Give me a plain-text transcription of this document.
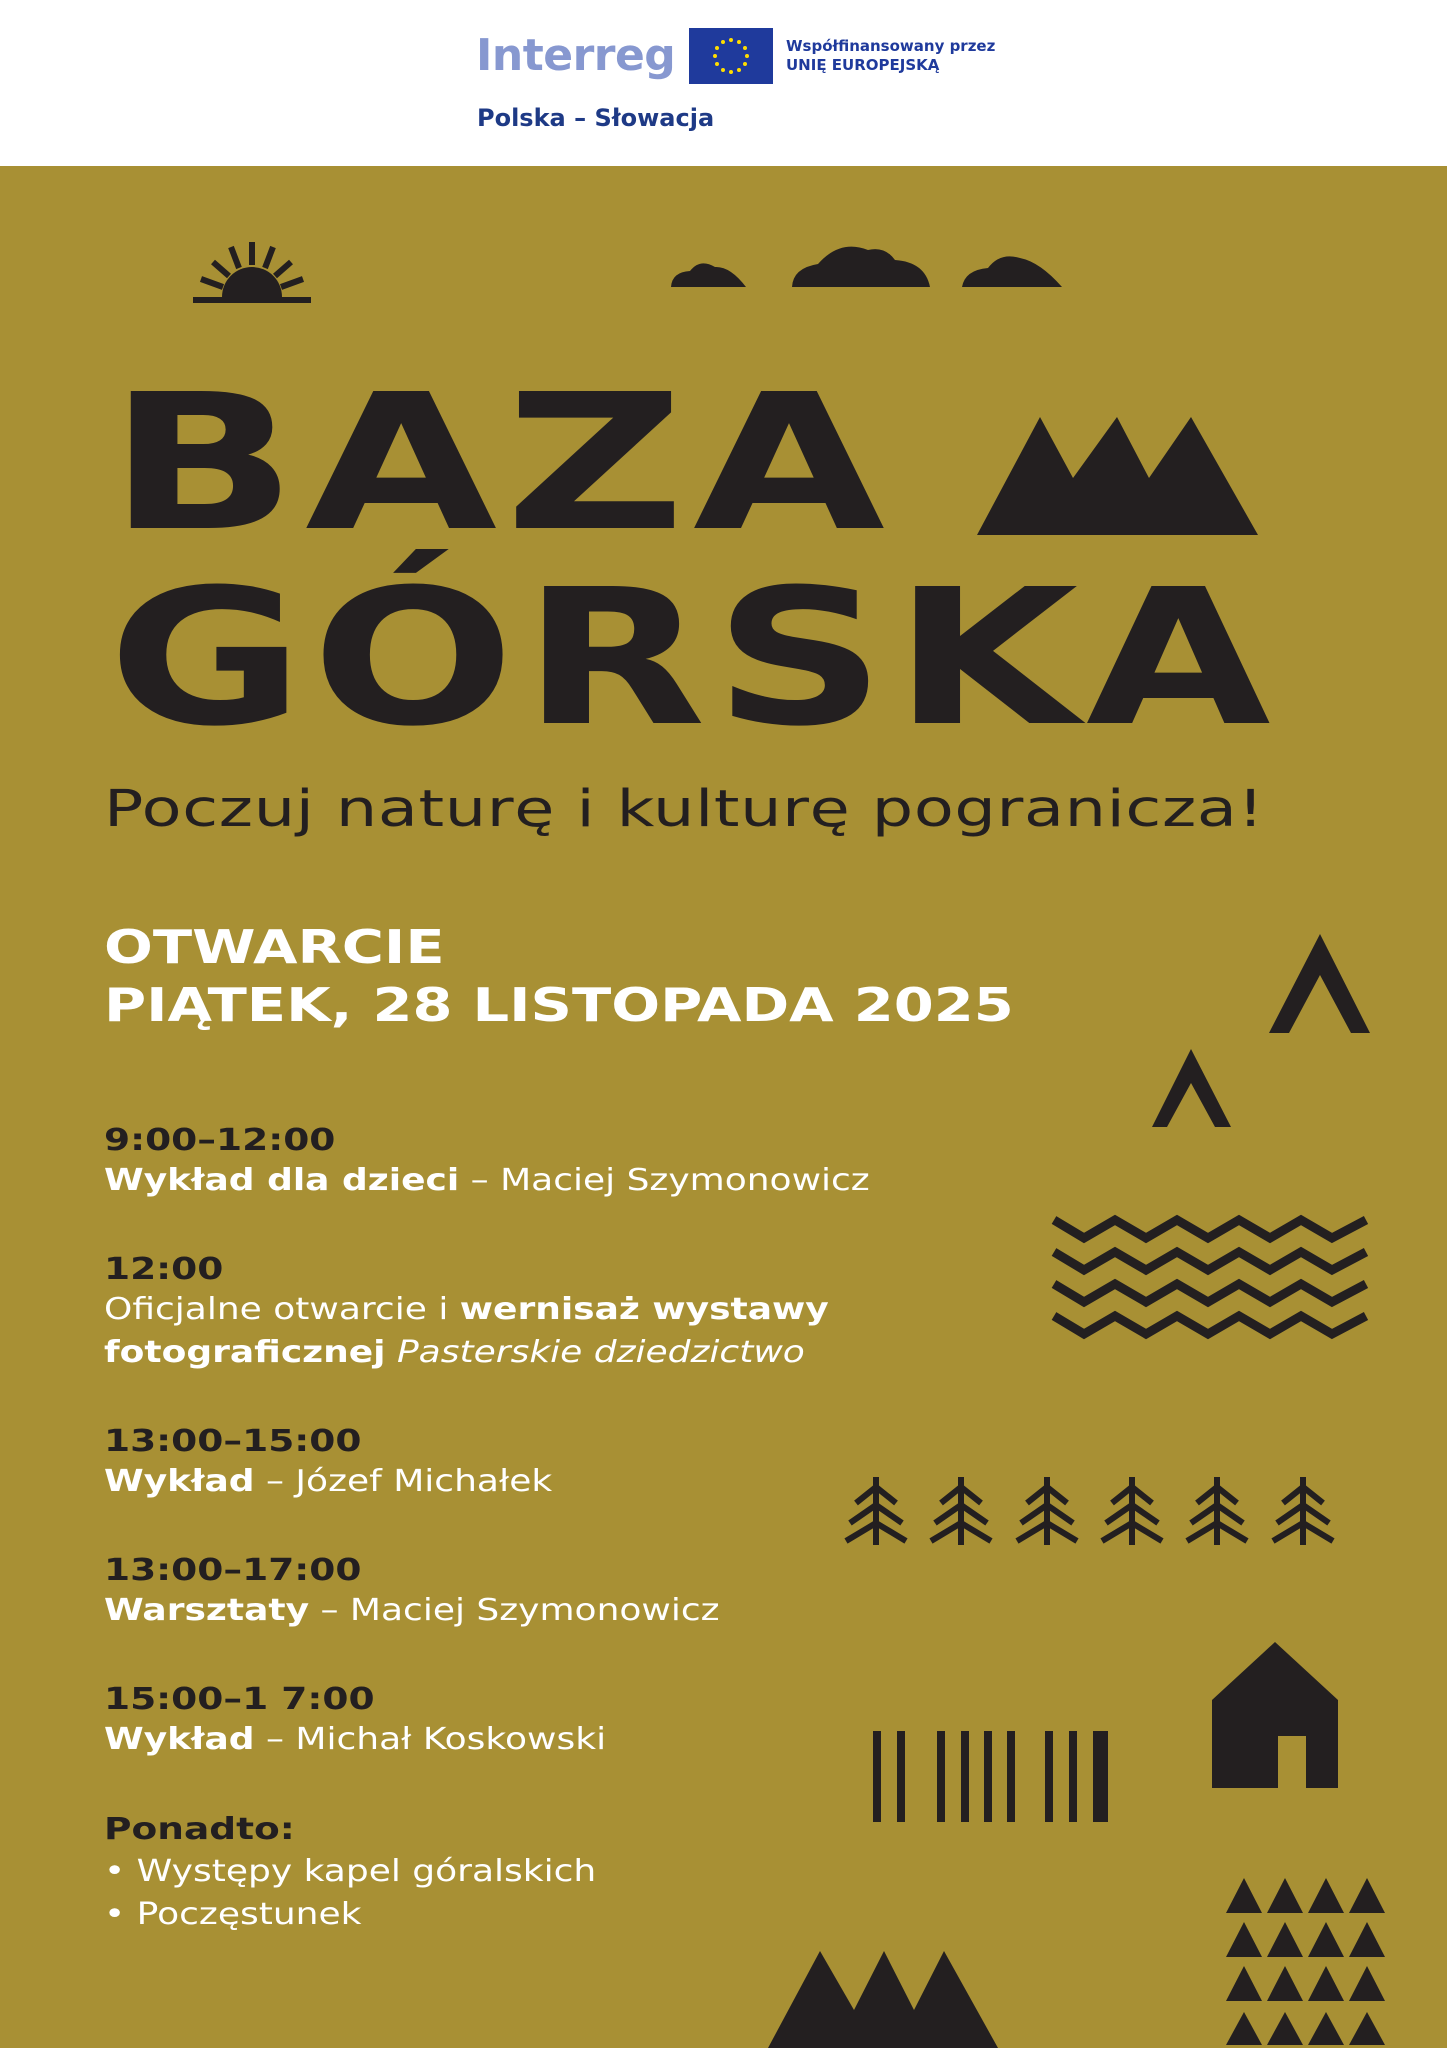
Interreg
Polska – Słowacja
Współfinansowany przez
UNIĘ EUROPEJSKĄ
BAZA
GÓRSKA
Poczuj naturę i kulturę pogranicza!
OTWARCIE
PIĄTEK, 28 LISTOPADA 2025
9:00–12:00
Wykład dla dzieci – Maciej Szymonowicz
12:00
Oficjalne otwarcie i wernisaż wystawy
fotograficznej Pasterskie dziedzictwo
13:00–15:00
Wykład – Józef Michałek
13:00–17:00
Warsztaty – Maciej Szymonowicz
15:00–1 7:00
Wykład – Michał Koskowski
Ponadto:
• Występy kapel góralskich
• Poczęstunek
